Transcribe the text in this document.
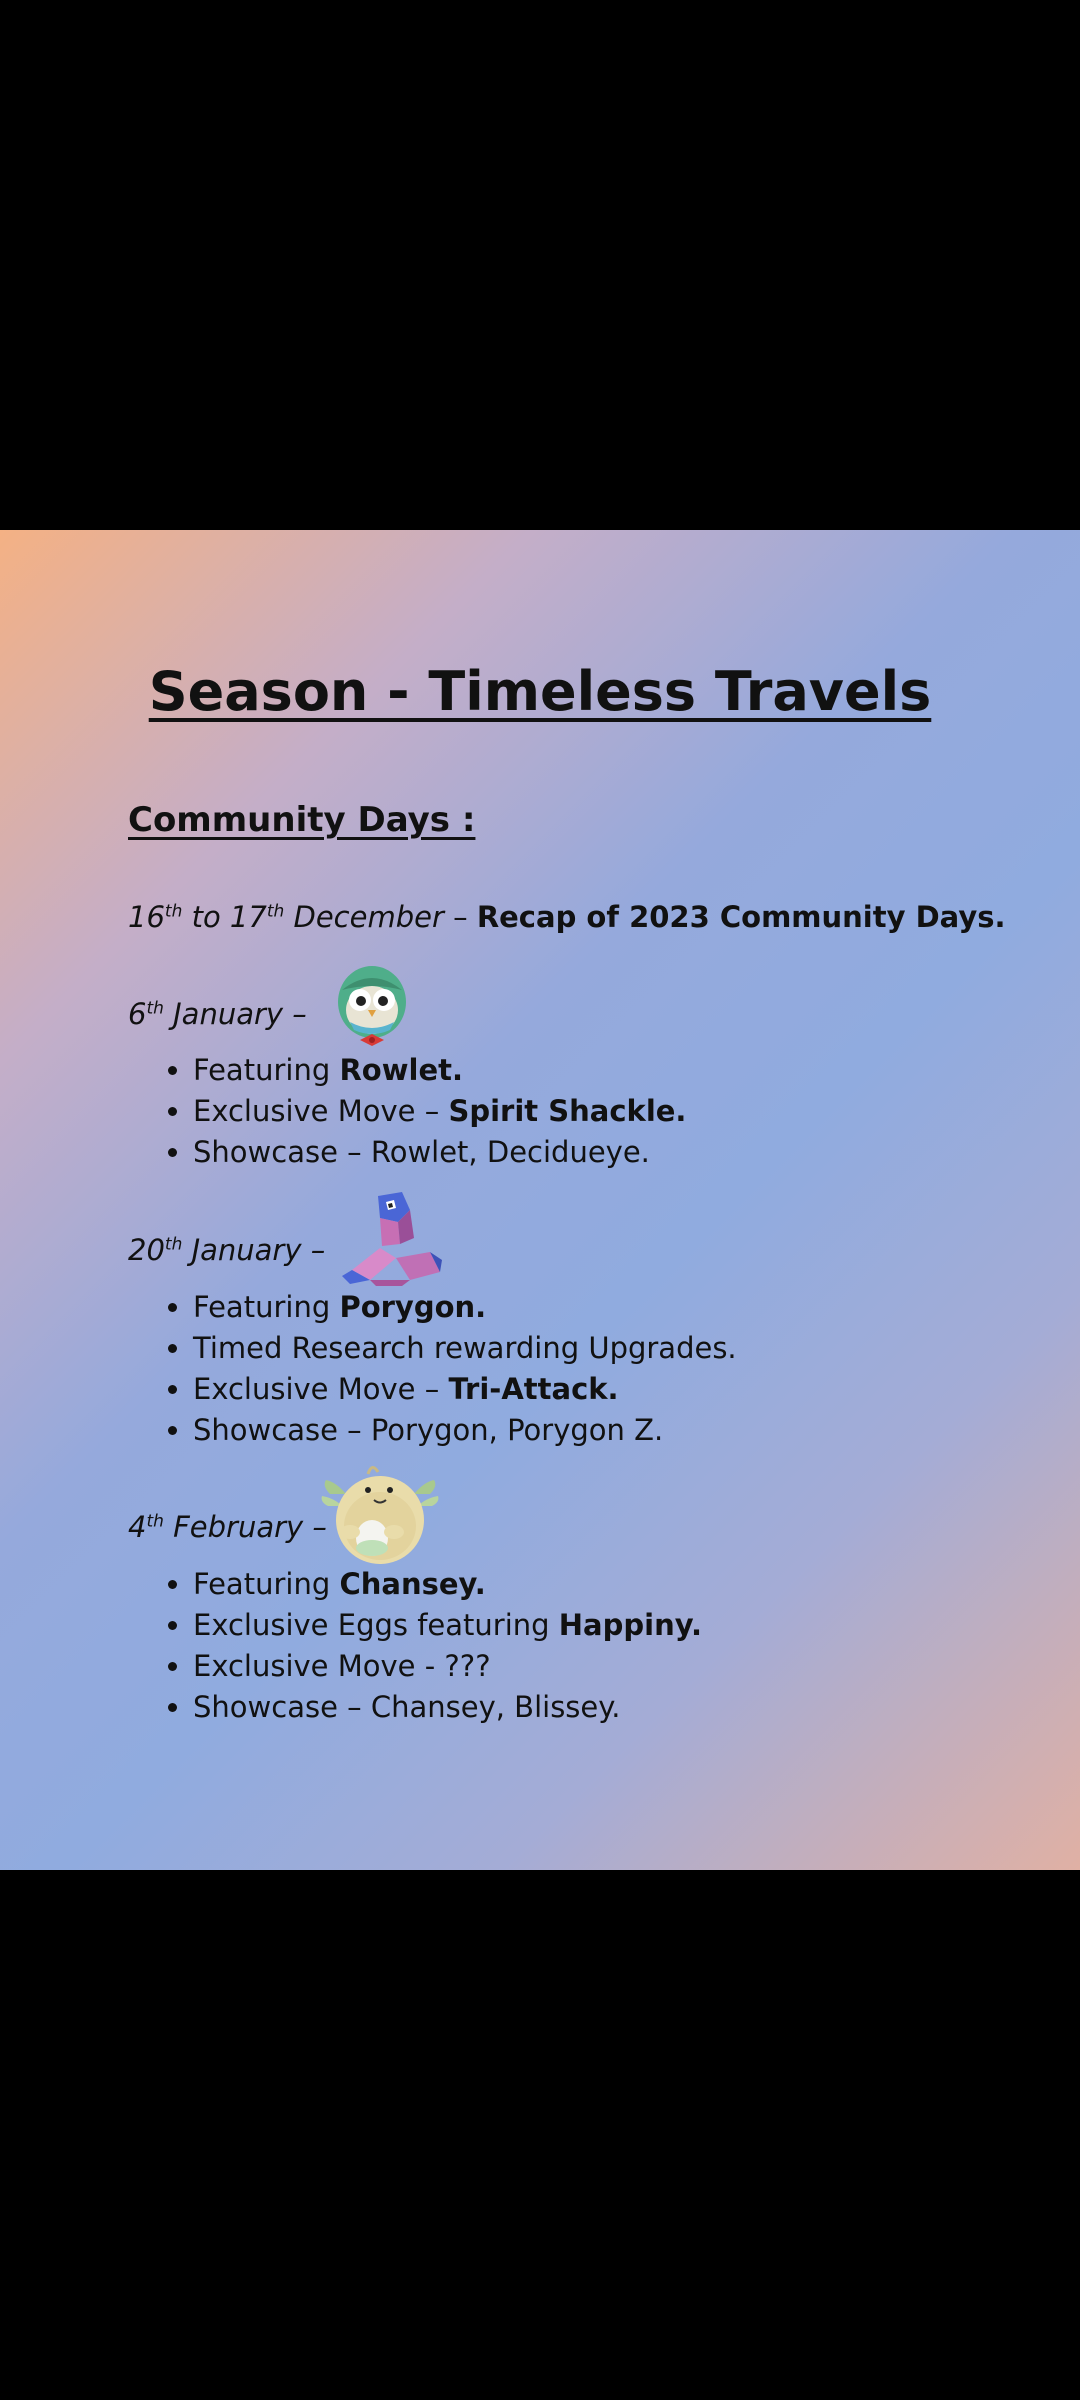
Season - Timeless Travels
Community Days :
16th to 17th December – Recap of 2023 Community Days.
6th January –
• Featuring Rowlet.
• Exclusive Move – Spirit Shackle.
• Showcase – Rowlet, Decidueye.
20th January –
• Featuring Porygon.
• Timed Research rewarding Upgrades.
• Exclusive Move – Tri-Attack.
• Showcase – Porygon, Porygon Z.
4th February –
• Featuring Chansey.
• Exclusive Eggs featuring Happiny.
• Exclusive Move - ???
• Showcase – Chansey, Blissey.
